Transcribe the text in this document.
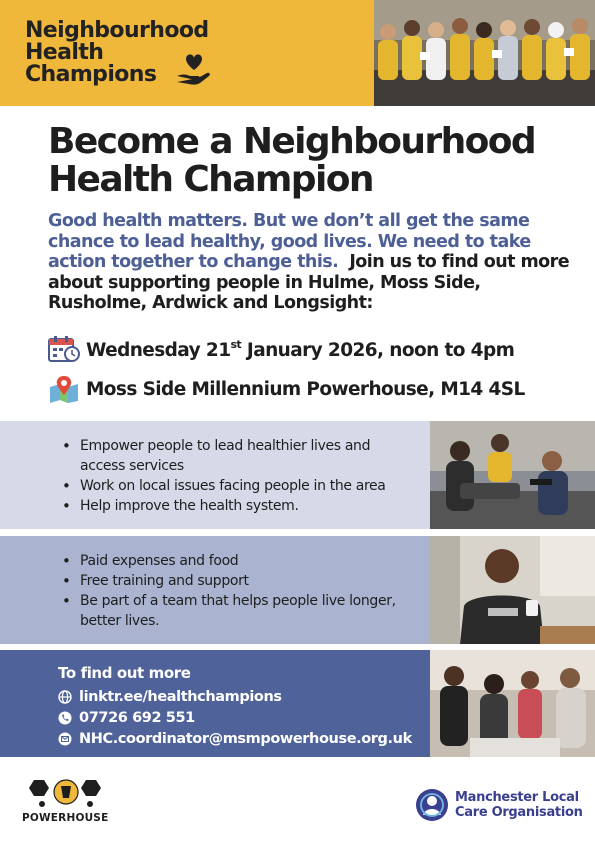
Neighbourhood
Health
Champions
Become a Neighbourhood
Health Champion
Good health matters. But we don’t all get the same
chance to lead healthy, good lives. We need to take
action together to change this. Join us to find out more
about supporting people in Hulme, Moss Side,
Rusholme, Ardwick and Longsight:
Wednesday 21st January 2026, noon to 4pm
Moss Side Millennium Powerhouse, M14 4SL
• Empower people to lead healthier lives and
access services
• Work on local issues facing people in the area
• Help improve the health system.
• Paid expenses and food
• Free training and support
• Be part of a team that helps people live longer,
better lives.
To find out more
linktr.ee/healthchampions
07726 692 551
NHC.coordinator@msmpowerhouse.org.uk
POWERHOUSE
Manchester Local
Care Organisation
